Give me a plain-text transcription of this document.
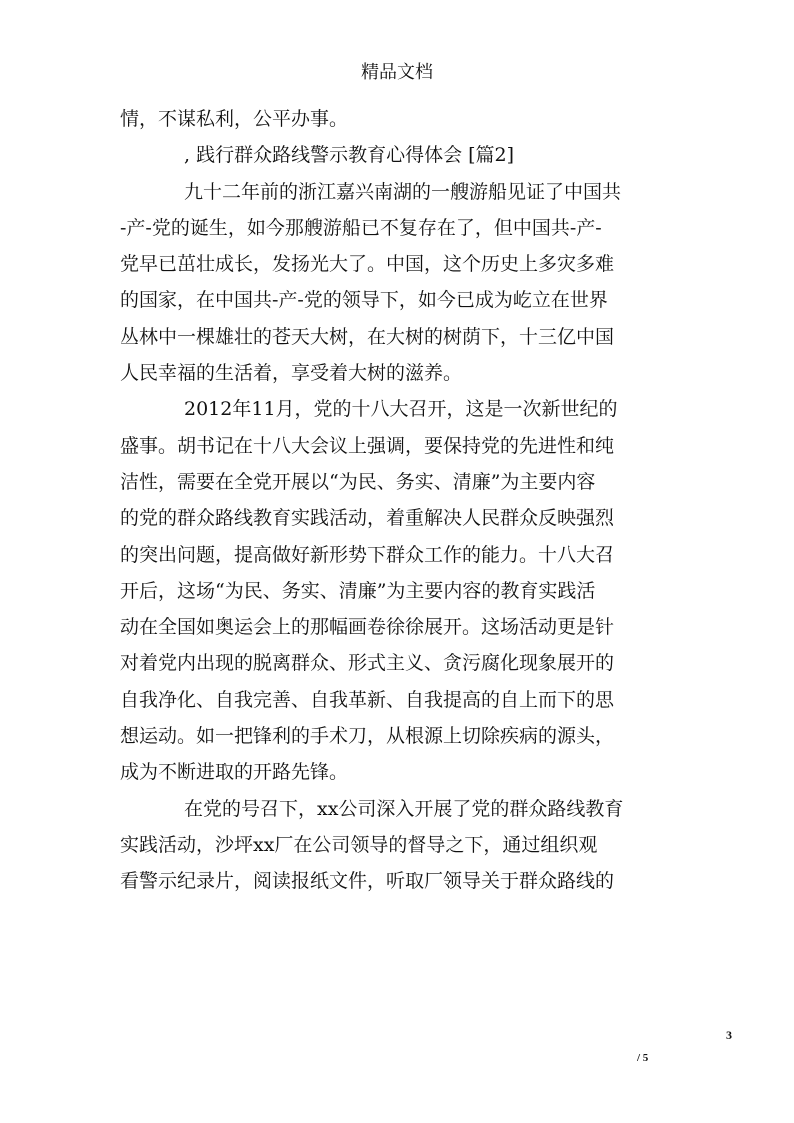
精品文档
情，不谋私利，公平办事。
, 践行群众路线警示教育心得体会 [篇2]
九十二年前的浙江嘉兴南湖的一艘游船见证了中国共
-产-党的诞生，如今那艘游船已不复存在了，但中国共-产-
党早已茁壮成长，发扬光大了。中国，这个历史上多灾多难
的国家，在中国共-产-党的领导下，如今已成为屹立在世界
丛林中一棵雄壮的苍天大树，在大树的树荫下，十三亿中国
人民幸福的生活着，享受着大树的滋养。
2012年11月，党的十八大召开，这是一次新世纪的
盛事。胡书记在十八大会议上强调，要保持党的先进性和纯
洁性，需要在全党开展以“为民、务实、清廉”为主要内容
的党的群众路线教育实践活动，着重解决人民群众反映强烈
的突出问题，提高做好新形势下群众工作的能力。十八大召
开后，这场“为民、务实、清廉”为主要内容的教育实践活
动在全国如奥运会上的那幅画卷徐徐展开。这场活动更是针
对着党内出现的脱离群众、形式主义、贪污腐化现象展开的
自我净化、自我完善、自我革新、自我提高的自上而下的思
想运动。如一把锋利的手术刀，从根源上切除疾病的源头，
成为不断进取的开路先锋。
在党的号召下，xx公司深入开展了党的群众路线教育
实践活动，沙坪xx厂在公司领导的督导之下，通过组织观
看警示纪录片，阅读报纸文件，听取厂领导关于群众路线的
3
/ 5
